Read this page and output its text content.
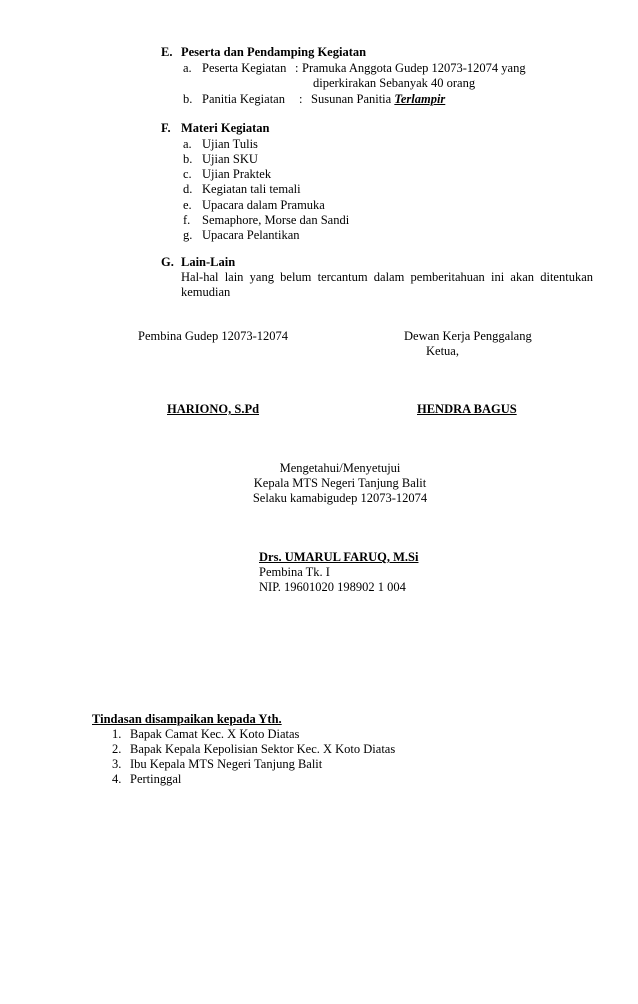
E. Peserta dan Pendamping Kegiatan
a. Peserta Kegiatan : Pramuka Anggota Gudep 12073-12074 yang
diperkirakan Sebanyak 40 orang
b. Panitia Kegiatan : Susunan Panitia Terlampir
F. Materi Kegiatan
a. Ujian Tulis
b. Ujian SKU
c. Ujian Praktek
d. Kegiatan tali temali
e. Upacara dalam Pramuka
f. Semaphore, Morse dan Sandi
g. Upacara Pelantikan
G. Lain-Lain
Hal-hal lain yang belum tercantum dalam pemberitahuan ini akan ditentukan kemudian
Pembina Gudep 12073-12074	Dewan Kerja Penggalang
Ketua,
HARIONO, S.Pd	HENDRA BAGUS
Mengetahui/Menyetujui
Kepala MTS Negeri Tanjung Balit
Selaku kamabigudep 12073-12074
Drs. UMARUL FARUQ, M.Si
Pembina Tk. I
NIP. 19601020 198902 1 004
Tindasan disampaikan kepada Yth.
1. Bapak Camat Kec. X Koto Diatas
2. Bapak Kepala Kepolisian Sektor Kec. X Koto Diatas
3. Ibu Kepala MTS Negeri Tanjung Balit
4. Pertinggal
